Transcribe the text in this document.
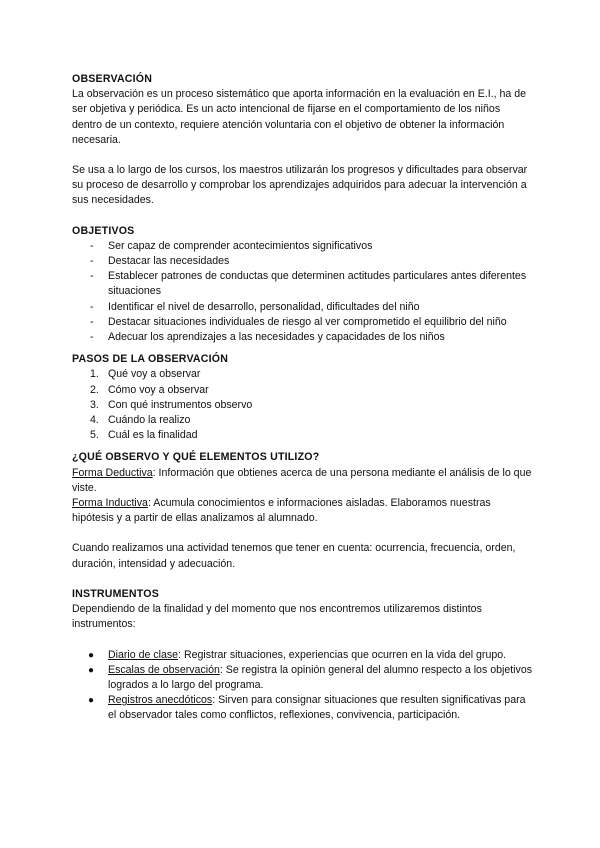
OBSERVACIÓN

La observación es un proceso sistemático que aporta información en la evaluación en E.I., ha de ser objetiva y periódica. Es un acto intencional de fijarse en el comportamiento de los niños dentro de un contexto, requiere atención voluntaria con el objetivo de obtener la información necesaria.

Se usa a lo largo de los cursos, los maestros utilizarán los progresos y dificultades para observar su proceso de desarrollo y comprobar los aprendizajes adquiridos para adecuar la intervención a sus necesidades.

OBJETIVOS
- Ser capaz de comprender acontecimientos significativos
- Destacar las necesidades
- Establecer patrones de conductas que determinen actitudes particulares antes diferentes situaciones
- Identificar el nivel de desarrollo, personalidad, dificultades del niño
- Destacar situaciones individuales de riesgo al ver comprometido el equilibrio del niño
- Adecuar los aprendizajes a las necesidades y capacidades de los niños
PASOS DE LA OBSERVACIÓN
1. Qué voy a observar
2. Cómo voy a observar
3. Con qué instrumentos observo
4. Cuándo la realizo
5. Cuál es la finalidad
¿QUÉ OBSERVO Y QUÉ ELEMENTOS UTILIZO?

Forma Deductiva: Información que obtienes acerca de una persona mediante el análisis de lo que viste.

Forma Inductiva: Acumula conocimientos e informaciones aisladas. Elaboramos nuestras hipótesis y a partir de ellas analizamos al alumnado.

Cuando realizamos una actividad tenemos que tener en cuenta: ocurrencia, frecuencia, orden, duración, intensidad y adecuación.

INSTRUMENTOS

Dependiendo de la finalidad y del momento que nos encontremos utilizaremos distintos instrumentos:

● Diario de clase: Registrar situaciones, experiencias que ocurren en la vida del grupo.
● Escalas de observación: Se registra la opinión general del alumno respecto a los objetivos logrados a lo largo del programa.
● Registros anecdóticos: Sirven para consignar situaciones que resulten significativas para el observador tales como conflictos, reflexiones, convivencia, participación.
